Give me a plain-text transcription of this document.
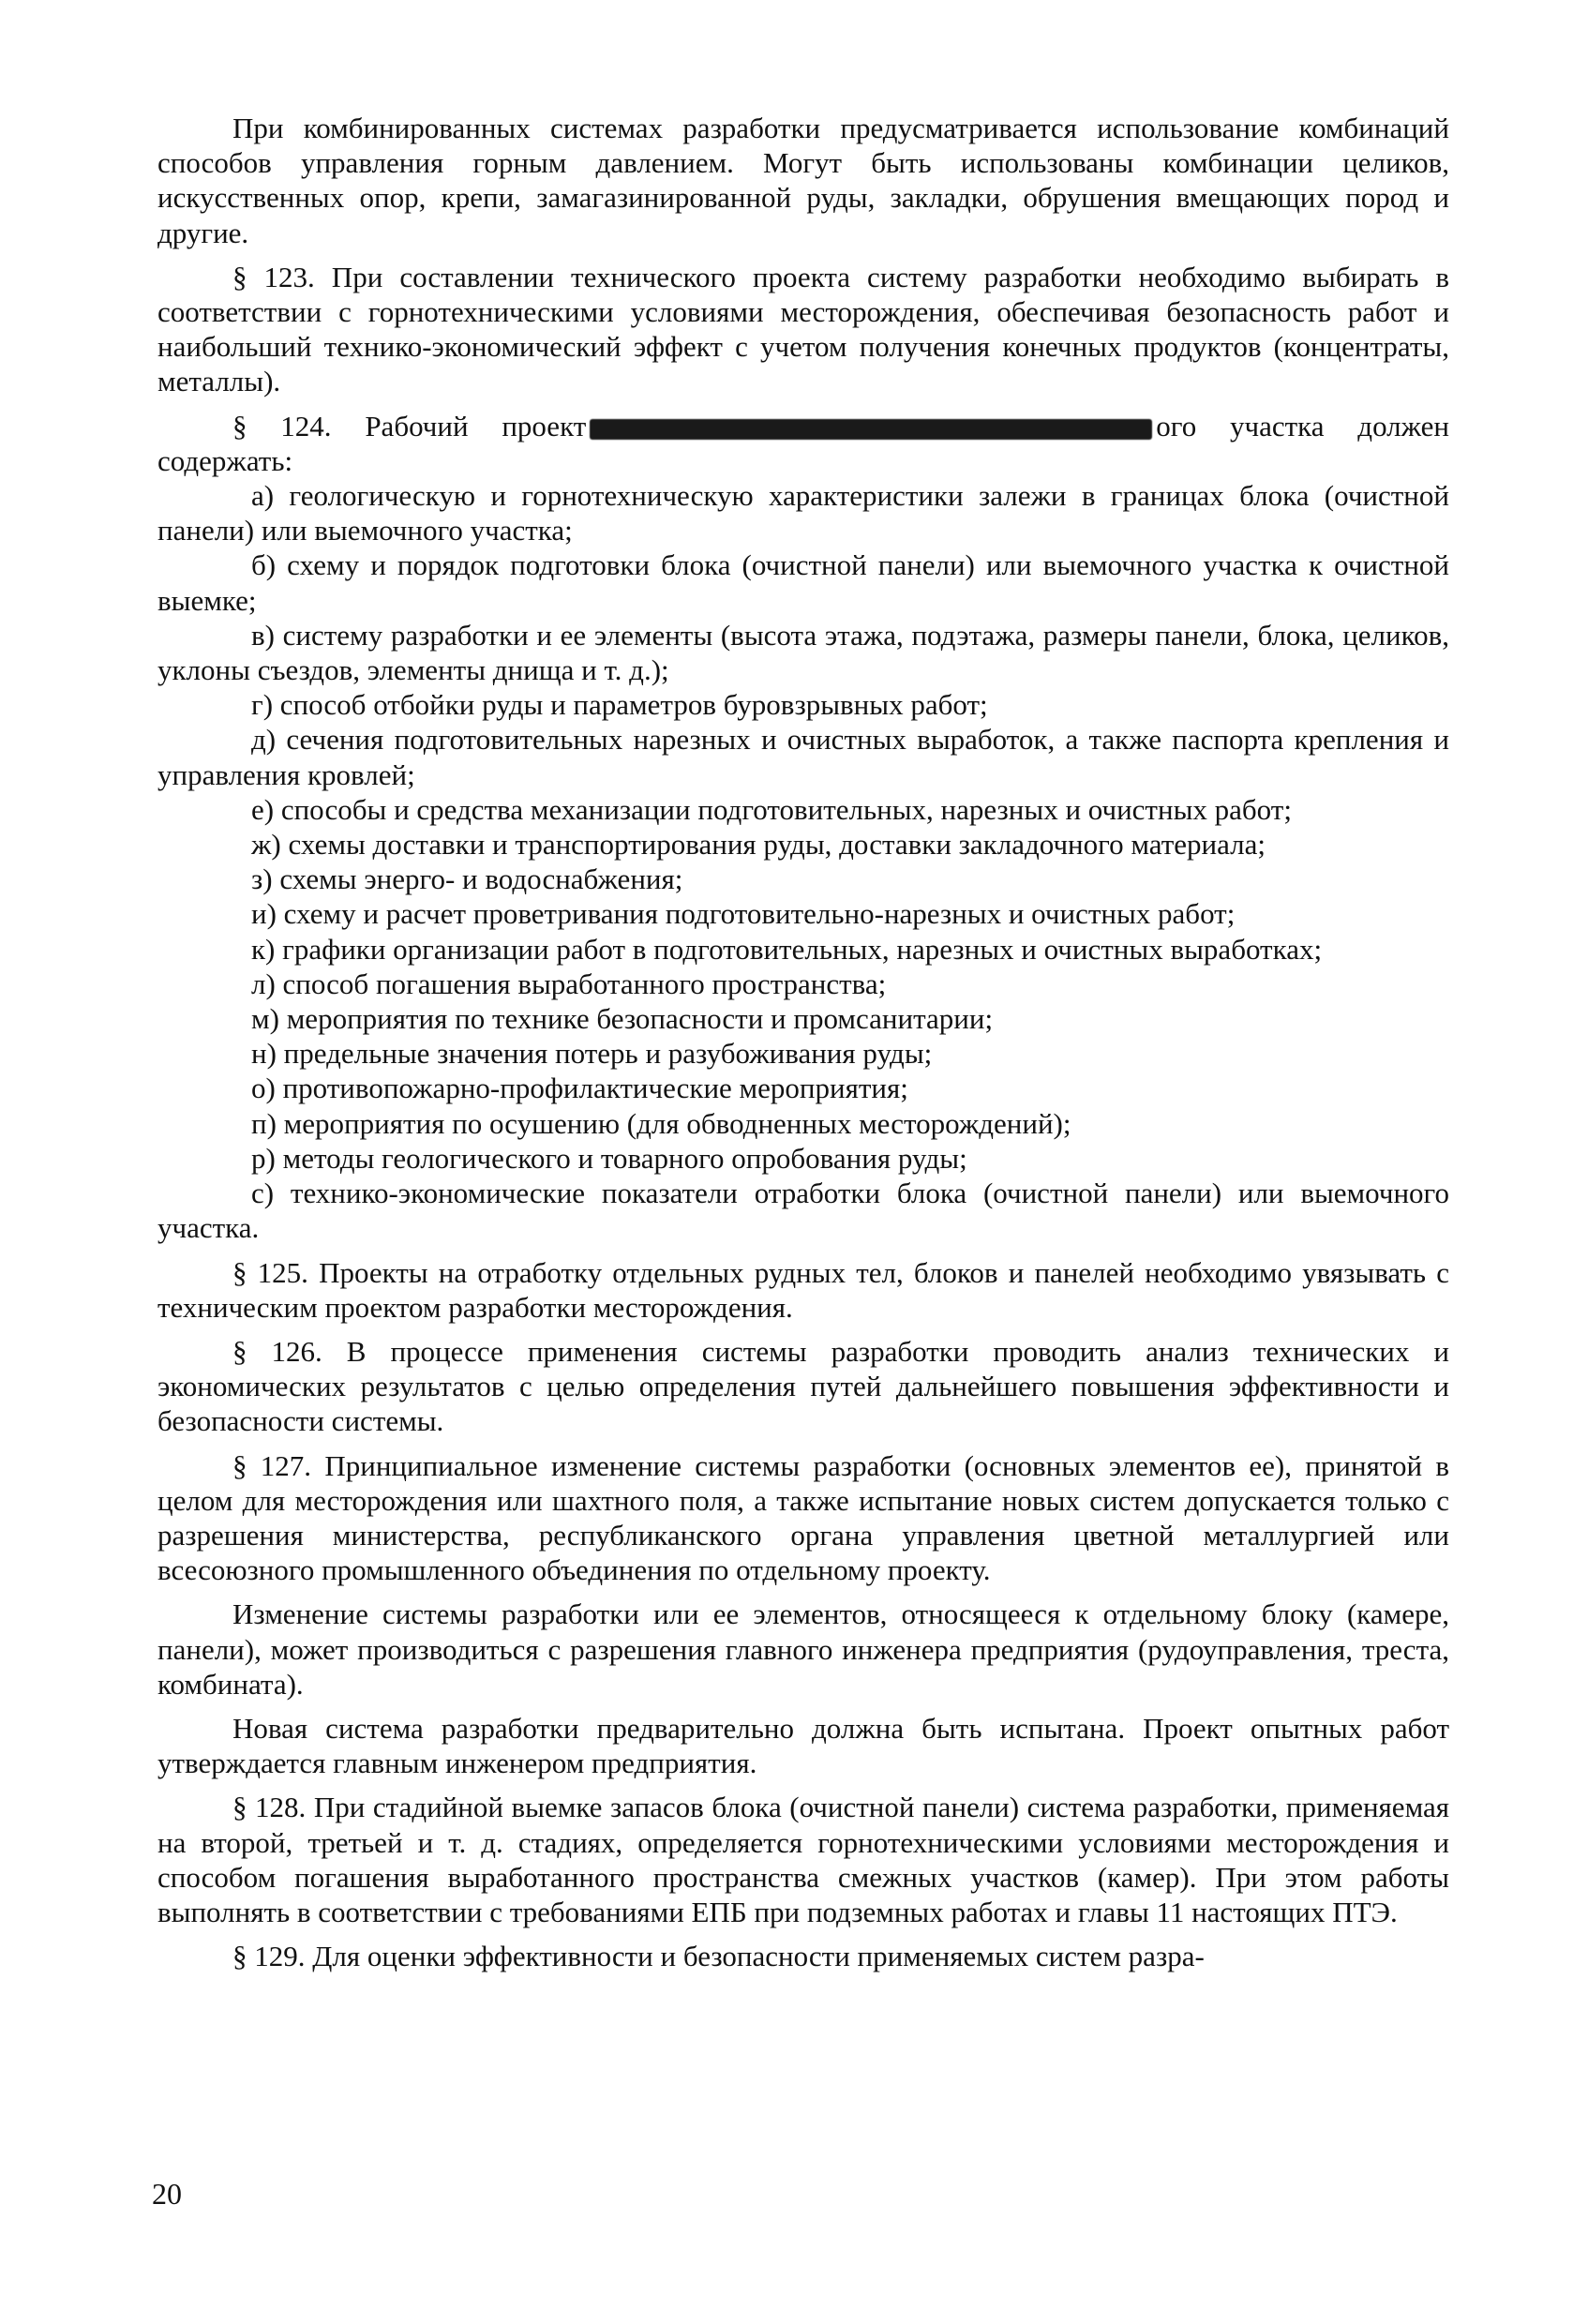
При комбинированных системах разработки предусматривается использование комбинаций способов управления горным давлением. Могут быть использованы комбинации целиков, искусственных опор, крепи, замагазинированной руды, закладки, обрушения вмещающих пород и другие.

§ 123. При составлении технического проекта систему разработки необходимо выбирать в соответствии с горнотехническими условиями месторождения, обеспечивая безопасность работ и наибольший технико-экономический эффект с учетом получения конечных продуктов (концентраты, металлы).

§ 124. Рабочий проект	ого участка должен содержать:

а) геологическую и горнотехническую характеристики залежи в границах блока (очистной панели) или выемочного участка;

б) схему и порядок подготовки блока (очистной панели) или выемочного участка к очистной выемке;

в) систему разработки и ее элементы (высота этажа, подэтажа, размеры панели, блока, целиков, уклоны съездов, элементы днища и т. д.);

г) способ отбойки руды и параметров буровзрывных работ;

д) сечения подготовительных нарезных и очистных выработок, а также паспорта крепления и управления кровлей;

е) способы и средства механизации подготовительных, нарезных и очистных работ;

ж) схемы доставки и транспортирования руды, доставки закладочного материала;

з) схемы энерго- и водоснабжения;

и) схему и расчет проветривания подготовительно-нарезных и очистных работ;

к) графики организации работ в подготовительных, нарезных и очистных выработках;

л) способ погашения выработанного пространства;

м) мероприятия по технике безопасности и промсанитарии;

н) предельные значения потерь и разубоживания руды;

о) противопожарно-профилактические мероприятия;

п) мероприятия по осушению (для обводненных месторождений);

р) методы геологического и товарного опробования руды;

с) технико-экономические показатели отработки блока (очистной панели) или выемочного участка.

§ 125. Проекты на отработку отдельных рудных тел, блоков и панелей необходимо увязывать с техническим проектом разработки месторождения.

§ 126. В процессе применения системы разработки проводить анализ технических и экономических результатов с целью определения путей дальнейшего повышения эффективности и безопасности системы.

§ 127. Принципиальное изменение системы разработки (основных элементов ее), принятой в целом для месторождения или шахтного поля, а также испытание новых систем допускается только с разрешения министерства, республиканского органа управления цветной металлургией или всесоюзного промышленного объединения по отдельному проекту.

Изменение системы разработки или ее элементов, относящееся к отдельному блоку (камере, панели), может производиться с разрешения главного инженера предприятия (рудоуправления, треста, комбината).

Новая система разработки предварительно должна быть испытана. Проект опытных работ утверждается главным инженером предприятия.

§ 128. При стадийной выемке запасов блока (очистной панели) система разработки, применяемая на второй, третьей и т. д. стадиях, определяется горнотехническими условиями месторождения и способом погашения выработанного пространства смежных участков (камер). При этом работы выполнять в соответствии с требованиями ЕПБ при подземных работах и главы 11 настоящих ПТЭ.

§ 129. Для оценки эффективности и безопасности применяемых систем разра-

20
